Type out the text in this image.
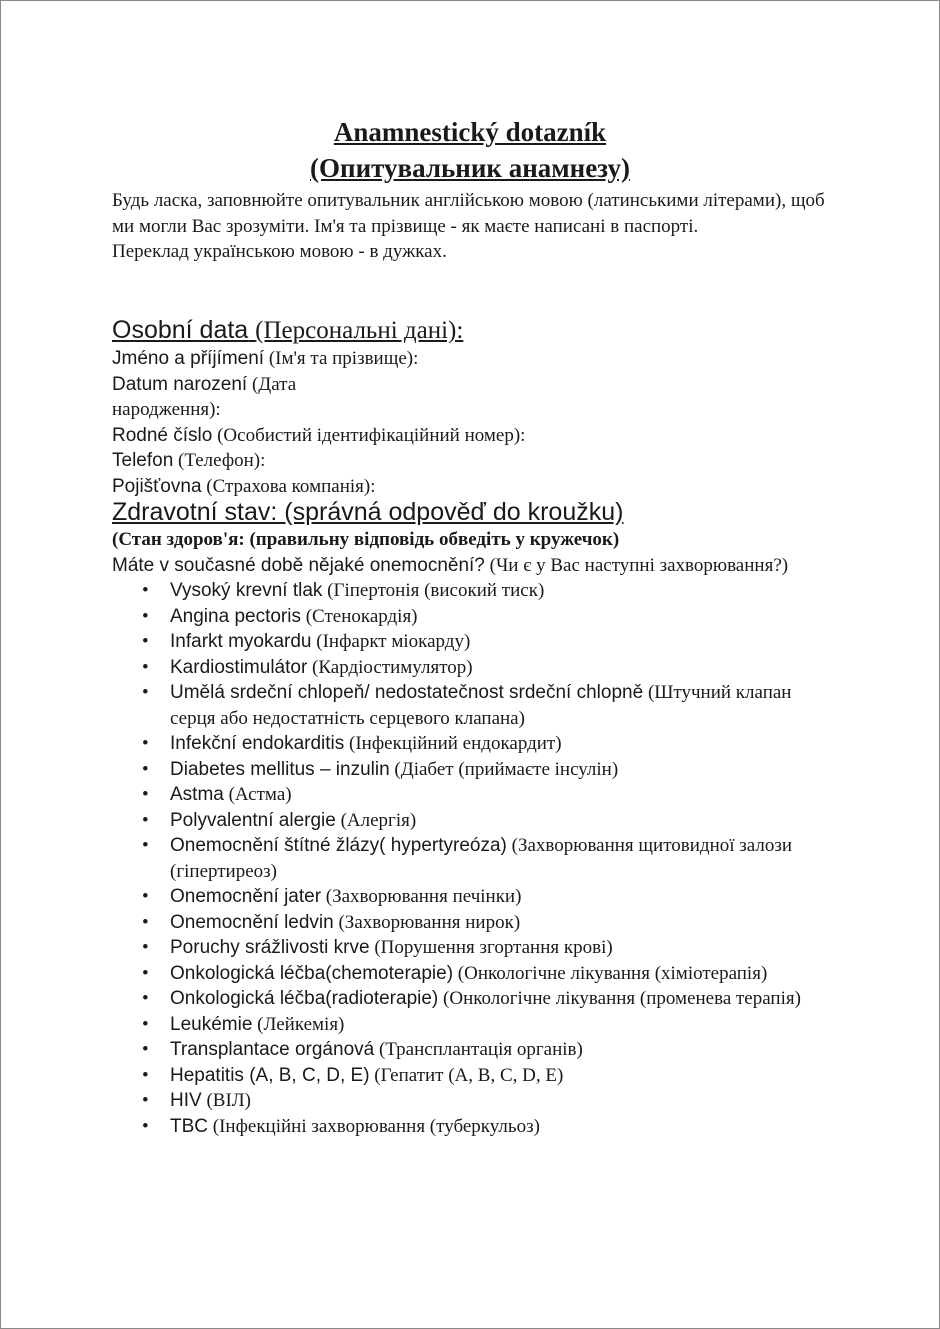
Anamnestický dotazník
(Опитувальник анамнезу)

Будь ласка, заповнюйте опитувальник англійською мовою (латинськими літерами), щоб ми могли Вас зрозуміти. Ім'я та прізвище - як маєте написані в паспорті.

Переклад українською мовою - в дужках.

Osobní data (Персональні дані):

Jméno a příjímení (Ім'я та прізвище):

Datum narození (Дата

народження):

Rodné číslo (Особистий ідентифікаційний номер):

Telefon (Телефон):

Pojišťovna (Страхова компанія):

Zdravotní stav: (správná odpověď do kroužku)

(Стан здоров'я: (правильну відповідь обведіть у кружечок)

Máte v současné době nějaké onemocnění? (Чи є у Вас наступні захворювання?)

• Vysoký krevní tlak (Гіпертонія (високий тиск)
• Angina pectoris (Стенокардія)
• Infarkt myokardu (Інфаркт міокарду)
• Kardiostimulátor (Кардіостимулятор)
• Umělá srdeční chlopeň/ nedostatečnost srdeční chlopně (Штучний клапан серця або недостатність серцевого клапана)
• Infekční endokarditis (Інфекційний ендокардит)
• Diabetes mellitus – inzulin (Діабет (приймаєте інсулін)
• Astma (Астма)
• Polyvalentní alergie (Алергія)
• Onemocnění štítné žlázy( hypertyreóza) (Захворювання щитовидної залози (гіпертиреоз)
• Onemocnění jater (Захворювання печінки)
• Onemocnění ledvin (Захворювання нирок)
• Poruchy srážlivosti krve (Порушення згортання крові)
• Onkologická léčba(chemoterapie) (Онкологічне лікування (хіміотерапія)
• Onkologická léčba(radioterapie) (Онкологічне лікування (променева терапія)
• Leukémie (Лейкемія)
• Transplantace orgánová (Трансплантація органів)
• Hepatitis (A, B, C, D, E) (Гепатит (A, B, C, D, E)
• HIV (ВІЛ)
• TBC (Інфекційні захворювання (туберкульоз)
